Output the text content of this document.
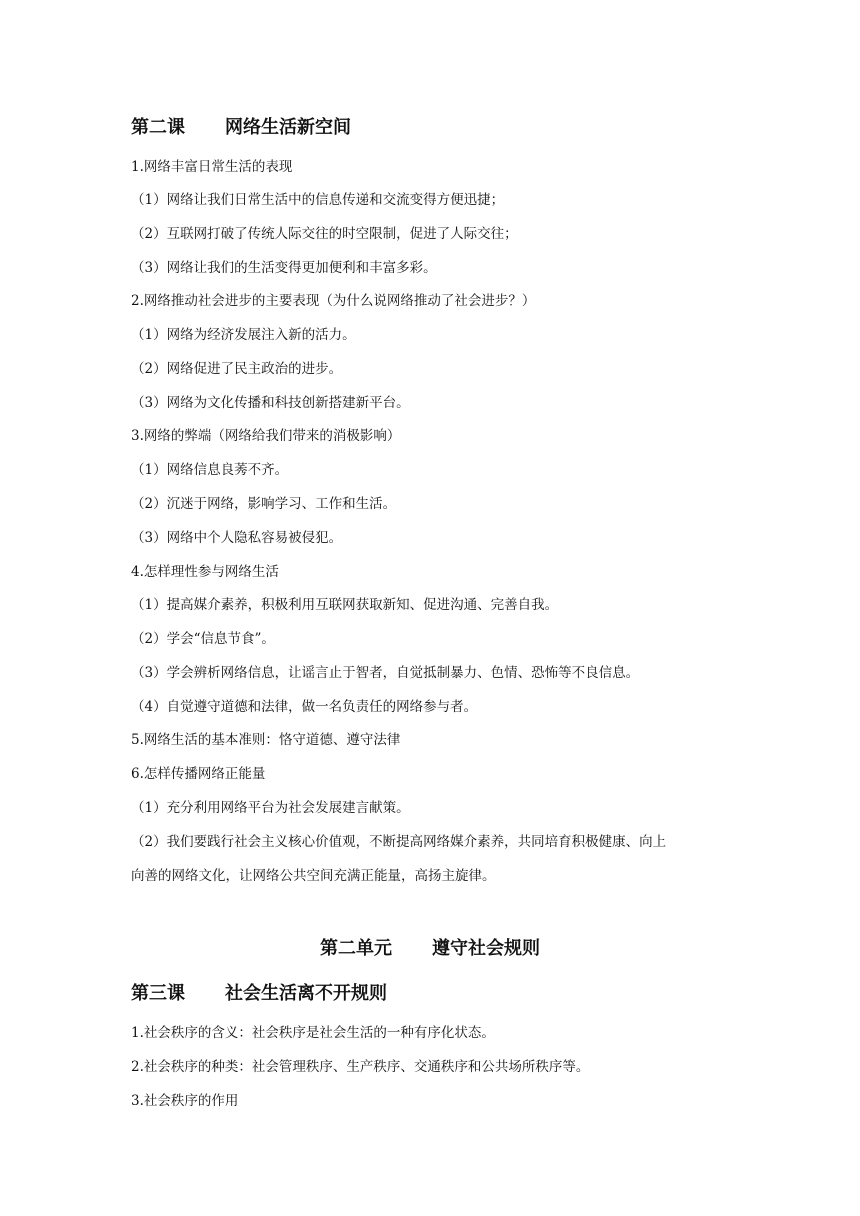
第二课 网络生活新空间
1.网络丰富日常生活的表现
（1）网络让我们日常生活中的信息传递和交流变得方便迅捷；
（2）互联网打破了传统人际交往的时空限制，促进了人际交往；
（3）网络让我们的生活变得更加便利和丰富多彩。
2.网络推动社会进步的主要表现（为什么说网络推动了社会进步？）
（1）网络为经济发展注入新的活力。
（2）网络促进了民主政治的进步。
（3）网络为文化传播和科技创新搭建新平台。
3.网络的弊端（网络给我们带来的消极影响）
（1）网络信息良莠不齐。
（2）沉迷于网络，影响学习、工作和生活。
（3）网络中个人隐私容易被侵犯。
4.怎样理性参与网络生活
（1）提高媒介素养，积极利用互联网获取新知、促进沟通、完善自我。
（2）学会“信息节食”。
（3）学会辨析网络信息，让谣言止于智者，自觉抵制暴力、色情、恐怖等不良信息。
（4）自觉遵守道德和法律，做一名负责任的网络参与者。
5.网络生活的基本准则：恪守道德、遵守法律
6.怎样传播网络正能量
（1）充分利用网络平台为社会发展建言献策。
（2）我们要践行社会主义核心价值观，不断提高网络媒介素养，共同培育积极健康、向上
向善的网络文化，让网络公共空间充满正能量，高扬主旋律。
第二单元 遵守社会规则
第三课 社会生活离不开规则
1.社会秩序的含义：社会秩序是社会生活的一种有序化状态。
2.社会秩序的种类：社会管理秩序、生产秩序、交通秩序和公共场所秩序等。
3.社会秩序的作用
